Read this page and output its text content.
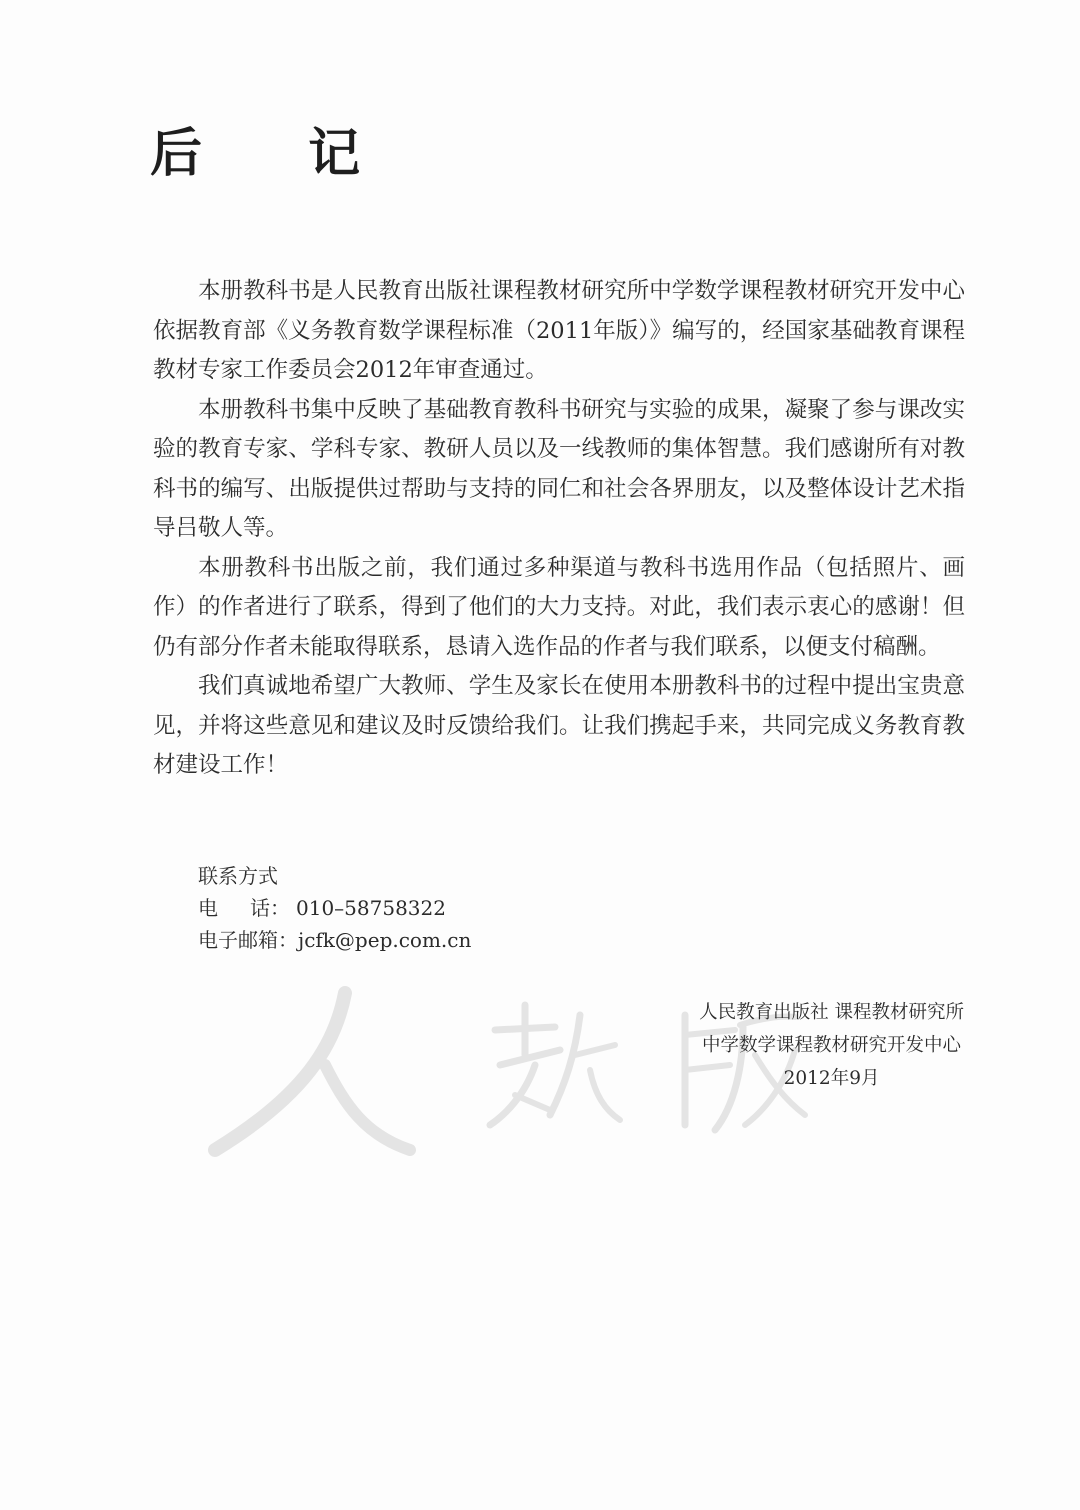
后 记

本册教科书是人民教育出版社课程教材研究所中学数学课程教材研究开发中心依据教育部《义务教育数学课程标准（2011年版）》编写的，经国家基础教育课程教材专家工作委员会2012年审查通过。

本册教科书集中反映了基础教育教科书研究与实验的成果，凝聚了参与课改实验的教育专家、学科专家、教研人员以及一线教师的集体智慧。我们感谢所有对教科书的编写、出版提供过帮助与支持的同仁和社会各界朋友，以及整体设计艺术指导吕敬人等。

本册教科书出版之前，我们通过多种渠道与教科书选用作品（包括照片、画作）的作者进行了联系，得到了他们的大力支持。对此，我们表示衷心的感谢！但仍有部分作者未能取得联系，恳请入选作品的作者与我们联系，以便支付稿酬。

我们真诚地希望广大教师、学生及家长在使用本册教科书的过程中提出宝贵意见，并将这些意见和建议及时反馈给我们。让我们携起手来，共同完成义务教育教材建设工作！

联系方式
电 话： 010–58758322
电子邮箱：jcfk@pep.com.cn
人民教育出版社 课程教材研究所
中学数学课程教材研究开发中心
2012年9月
